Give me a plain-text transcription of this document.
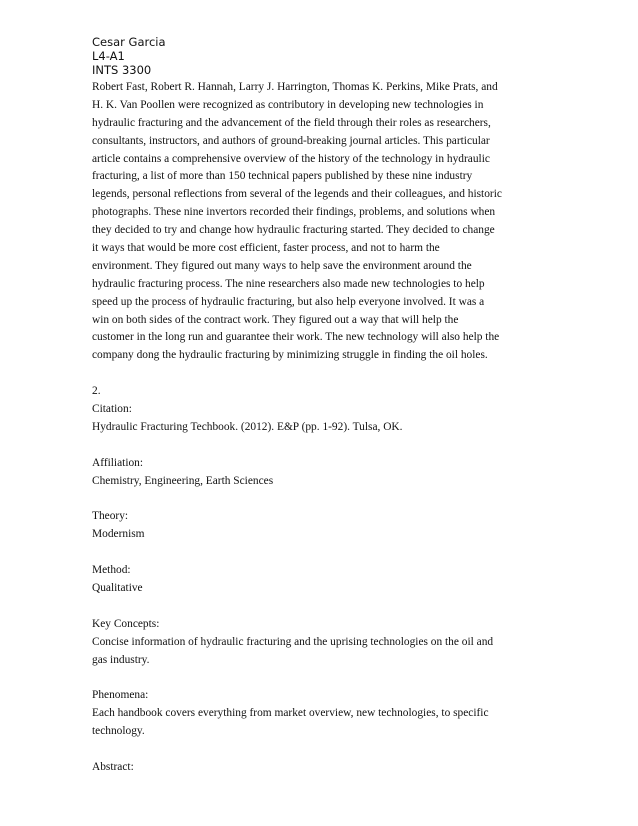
Cesar Garcia
L4-A1
INTS 3300
Robert Fast, Robert R. Hannah, Larry J. Harrington, Thomas K. Perkins, Mike Prats, and
H. K. Van Poollen were recognized as contributory in developing new technologies in
hydraulic fracturing and the advancement of the field through their roles as researchers,
consultants, instructors, and authors of ground-breaking journal articles. This particular
article contains a comprehensive overview of the history of the technology in hydraulic
fracturing, a list of more than 150 technical papers published by these nine industry
legends, personal reflections from several of the legends and their colleagues, and historic
photographs. These nine invertors recorded their findings, problems, and solutions when
they decided to try and change how hydraulic fracturing started. They decided to change
it ways that would be more cost efficient, faster process, and not to harm the
environment. They figured out many ways to help save the environment around the
hydraulic fracturing process. The nine researchers also made new technologies to help
speed up the process of hydraulic fracturing, but also help everyone involved. It was a
win on both sides of the contract work. They figured out a way that will help the
customer in the long run and guarantee their work. The new technology will also help the
company dong the hydraulic fracturing by minimizing struggle in finding the oil holes.
2.
Citation:
Hydraulic Fracturing Techbook. (2012). E&P (pp. 1-92). Tulsa, OK.
Affiliation:
Chemistry, Engineering, Earth Sciences
Theory:
Modernism
Method:
Qualitative
Key Concepts:
Concise information of hydraulic fracturing and the uprising technologies on the oil and
gas industry.
Phenomena:
Each handbook covers everything from market overview, new technologies, to specific
technology.
Abstract:
